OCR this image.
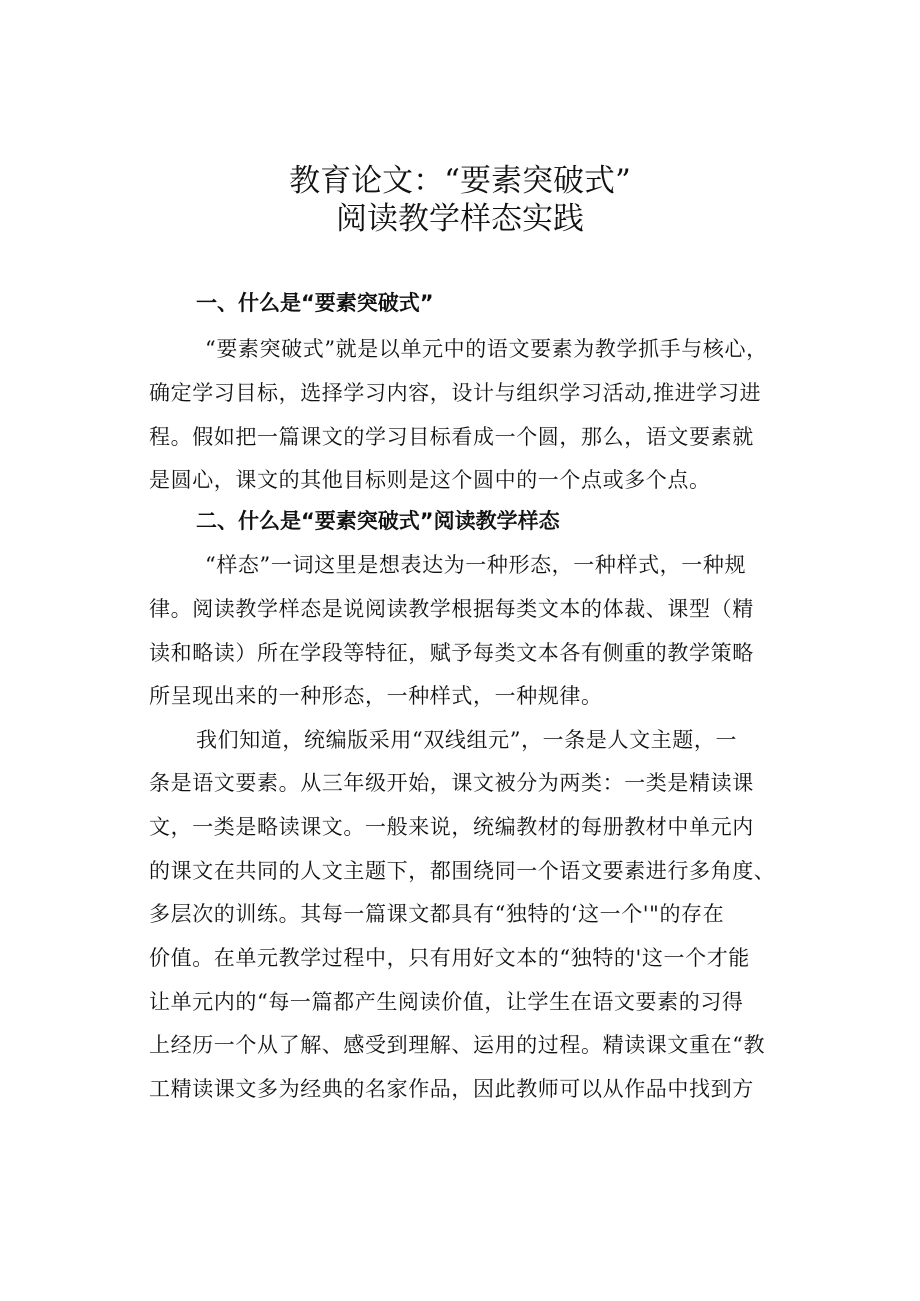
教育论文：“要素突破式”
阅读教学样态实践
一、什么是“要素突破式”

“要素突破式”就是以单元中的语文要素为教学抓手与核心，

确定学习目标，选择学习内容，设计与组织学习活动,推进学习进

程。假如把一篇课文的学习目标看成一个圆，那么，语文要素就

是圆心，课文的其他目标则是这个圆中的一个点或多个点。

二、什么是“要素突破式”阅读教学样态

“样态”一词这里是想表达为一种形态，一种样式，一种规

律。阅读教学样态是说阅读教学根据每类文本的体裁、课型（精

读和略读）所在学段等特征，赋予每类文本各有侧重的教学策略

所呈现出来的一种形态，一种样式，一种规律。

我们知道，统编版采用“双线组元”，一条是人文主题，一

条是语文要素。从三年级开始，课文被分为两类：一类是精读课

文，一类是略读课文。一般来说，统编教材的每册教材中单元内

的课文在共同的人文主题下，都围绕同一个语文要素进行多角度、

多层次的训练。其每一篇课文都具有“独特的‘这一个'"的存在

价值。在单元教学过程中，只有用好文本的“独特的'这一个才能

让单元内的“每一篇都产生阅读价值，让学生在语文要素的习得

上经历一个从了解、感受到理解、运用的过程。精读课文重在“教

工精读课文多为经典的名家作品，因此教师可以从作品中找到方
